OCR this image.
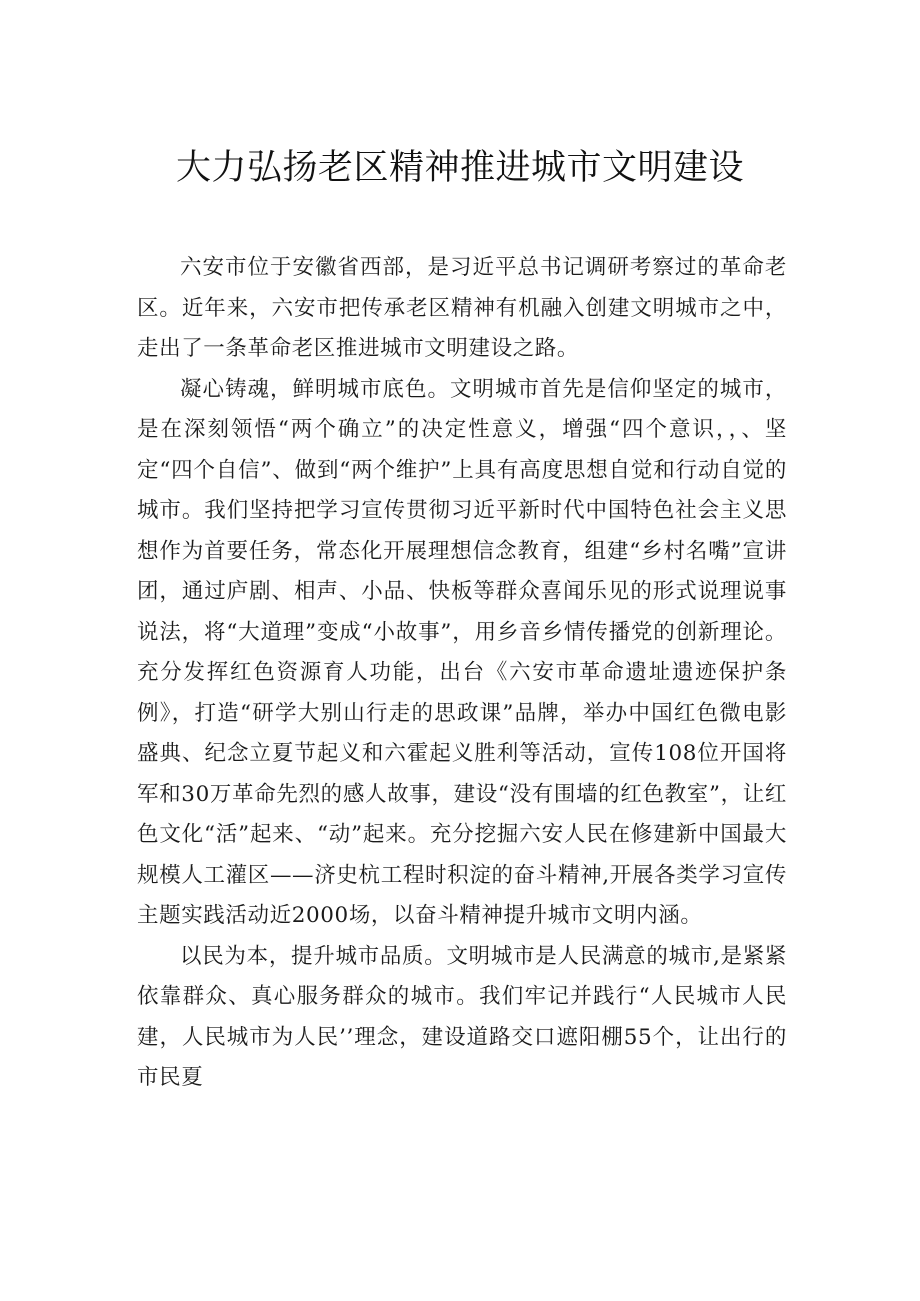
大力弘扬老区精神推进城市文明建设

六安市位于安徽省西部，是习近平总书记调研考察过的革命老区。近年来，六安市把传承老区精神有机融入创建文明城市之中，走出了一条革命老区推进城市文明建设之路。

凝心铸魂，鲜明城市底色。文明城市首先是信仰坚定的城市，是在深刻领悟“两个确立”的决定性意义，增强“四个意识，，、坚定“四个自信”、做到“两个维护”上具有高度思想自觉和行动自觉的城市。我们坚持把学习宣传贯彻习近平新时代中国特色社会主义思想作为首要任务，常态化开展理想信念教育，组建“乡村名嘴”宣讲团，通过庐剧、相声、小品、快板等群众喜闻乐见的形式说理说事说法，将“大道理”变成“小故事”，用乡音乡情传播党的创新理论。充分发挥红色资源育人功能，出台《六安市革命遗址遗迹保护条例》，打造“研学大别山行走的思政课”品牌，举办中国红色微电影盛典、纪念立夏节起义和六霍起义胜利等活动，宣传108位开国将军和30万革命先烈的感人故事，建设“没有围墙的红色教室”，让红色文化“活”起来、“动”起来。充分挖掘六安人民在修建新中国最大规模人工灌区——济史杭工程时积淀的奋斗精神,开展各类学习宣传主题实践活动近2000场，以奋斗精神提升城市文明内涵。

以民为本，提升城市品质。文明城市是人民满意的城市,是紧紧依靠群众、真心服务群众的城市。我们牢记并践行“人民城市人民建，人民城市为人民’’理念，建设道路交口遮阳棚55个，让出行的市民夏
